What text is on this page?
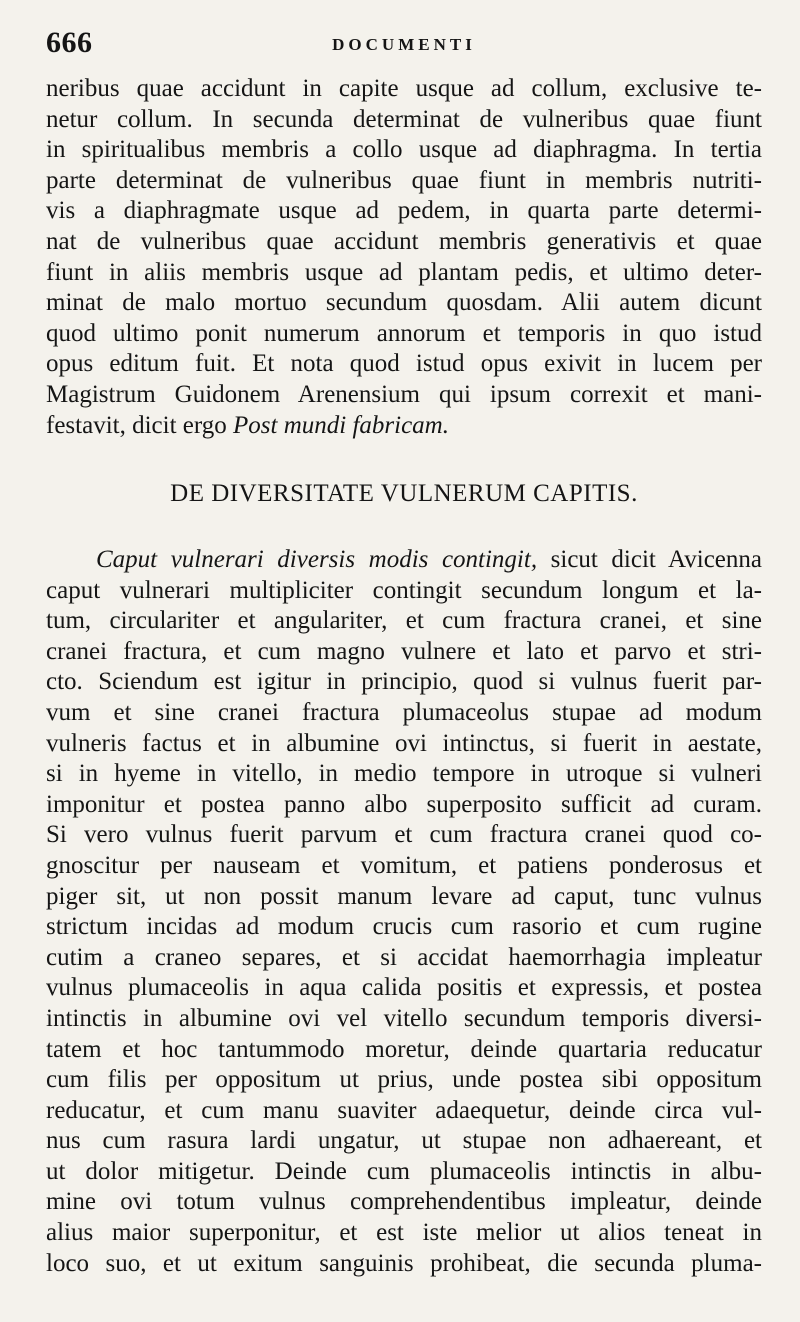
666	DOCUMENTI
neribus quae accidunt in capite usque ad collum, exclusive te-
netur collum. In secunda determinat de vulneribus quae fiunt
in spiritualibus membris a collo usque ad diaphragma. In tertia
parte determinat de vulneribus quae fiunt in membris nutriti-
vis a diaphragmate usque ad pedem, in quarta parte determi-
nat de vulneribus quae accidunt membris generativis et quae
fiunt in aliis membris usque ad plantam pedis, et ultimo deter-
minat de malo mortuo secundum quosdam. Alii autem dicunt
quod ultimo ponit numerum annorum et temporis in quo istud
opus editum fuit. Et nota quod istud opus exivit in lucem per
Magistrum Guidonem Arenensium qui ipsum correxit et mani-
festavit, dicit ergo Post mundi fabricam.
DE DIVERSITATE VULNERUM CAPITIS.
Caput vulnerari diversis modis contingit, sicut dicit Avicenna
caput vulnerari multipliciter contingit secundum longum et la-
tum, circulariter et angulariter, et cum fractura cranei, et sine
cranei fractura, et cum magno vulnere et lato et parvo et stri-
cto. Sciendum est igitur in principio, quod si vulnus fuerit par-
vum et sine cranei fractura plumaceolus stupae ad modum
vulneris factus et in albumine ovi intinctus, si fuerit in aestate,
si in hyeme in vitello, in medio tempore in utroque si vulneri
imponitur et postea panno albo superposito sufficit ad curam.
Si vero vulnus fuerit parvum et cum fractura cranei quod co-
gnoscitur per nauseam et vomitum, et patiens ponderosus et
piger sit, ut non possit manum levare ad caput, tunc vulnus
strictum incidas ad modum crucis cum rasorio et cum rugine
cutim a craneo separes, et si accidat haemorrhagia impleatur
vulnus plumaceolis in aqua calida positis et expressis, et postea
intinctis in albumine ovi vel vitello secundum temporis diversi-
tatem et hoc tantummodo moretur, deinde quartaria reducatur
cum filis per oppositum ut prius, unde postea sibi oppositum
reducatur, et cum manu suaviter adaequetur, deinde circa vul-
nus cum rasura lardi ungatur, ut stupae non adhaereant, et
ut dolor mitigetur. Deinde cum plumaceolis intinctis in albu-
mine ovi totum vulnus comprehendentibus impleatur, deinde
alius maior superponitur, et est iste melior ut alios teneat in
loco suo, et ut exitum sanguinis prohibeat, die secunda pluma-
